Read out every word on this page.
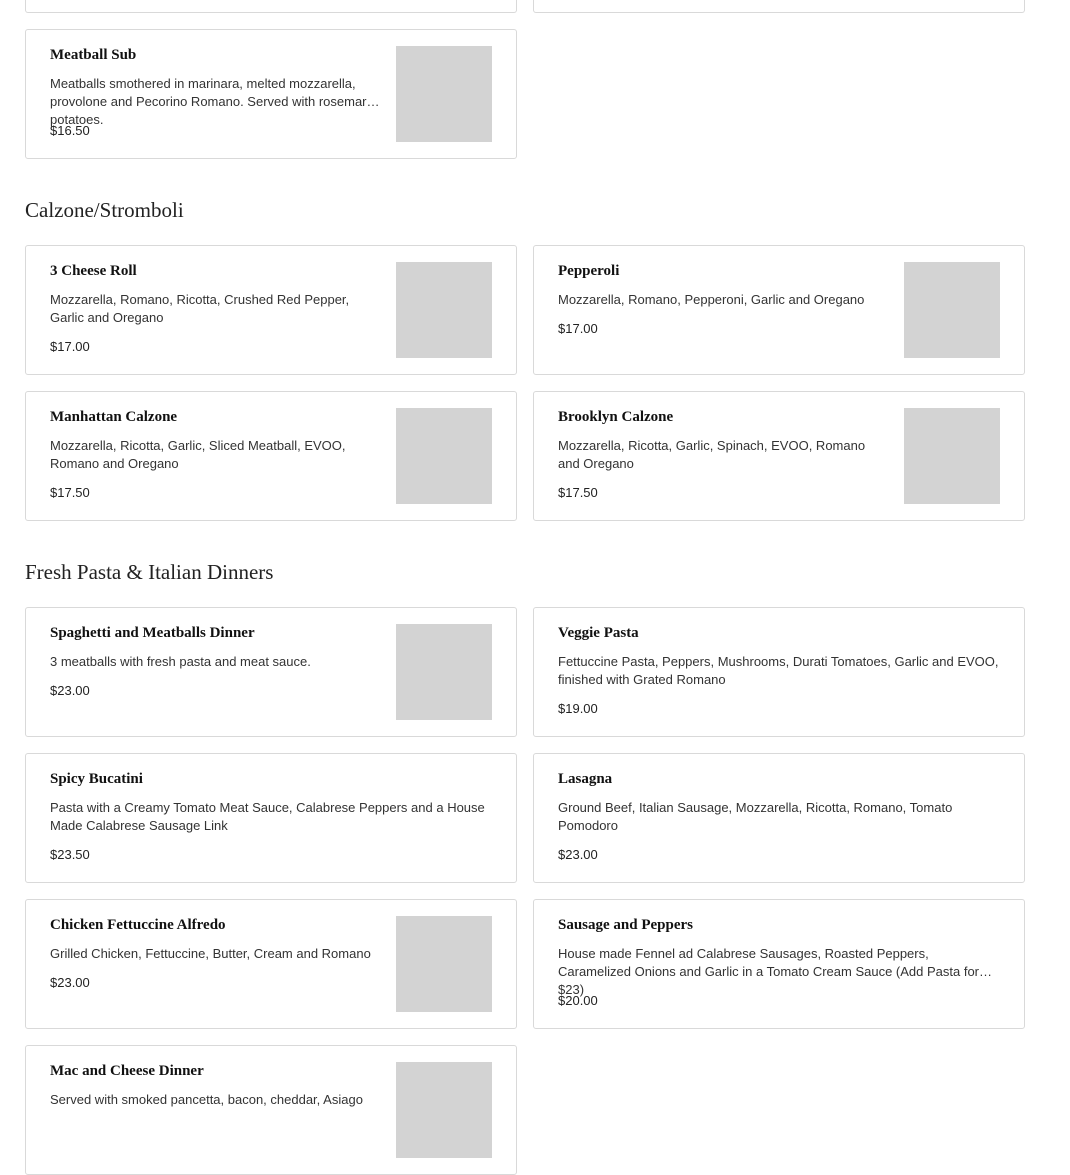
Meatball Sub
Meatballs smothered in marinara, melted mozzarella, provolone and Pecorino Romano. Served with rosemary potatoes.
$16.50
Calzone/Stromboli
3 Cheese Roll
Mozzarella, Romano, Ricotta, Crushed Red Pepper, Garlic and Oregano
$17.00
Pepperoli
Mozzarella, Romano, Pepperoni, Garlic and Oregano
$17.00
Manhattan Calzone
Mozzarella, Ricotta, Garlic, Sliced Meatball, EVOO, Romano and Oregano
$17.50
Brooklyn Calzone
Mozzarella, Ricotta, Garlic, Spinach, EVOO, Romano and Oregano
$17.50
Fresh Pasta & Italian Dinners
Spaghetti and Meatballs Dinner
3 meatballs with fresh pasta and meat sauce.
$23.00
Veggie Pasta
Fettuccine Pasta, Peppers, Mushrooms, Durati Tomatoes, Garlic and EVOO, finished with Grated Romano
$19.00
Spicy Bucatini
Pasta with a Creamy Tomato Meat Sauce, Calabrese Peppers and a House Made Calabrese Sausage Link
$23.50
Lasagna
Ground Beef, Italian Sausage, Mozzarella, Ricotta, Romano, Tomato Pomodoro
$23.00
Chicken Fettuccine Alfredo
Grilled Chicken, Fettuccine, Butter, Cream and Romano
$23.00
Sausage and Peppers
House made Fennel ad Calabrese Sausages, Roasted Peppers, Caramelized Onions and Garlic in a Tomato Cream Sauce (Add Pasta for $23)
$20.00
Mac and Cheese Dinner
Served with smoked pancetta, bacon, cheddar, Asiago
